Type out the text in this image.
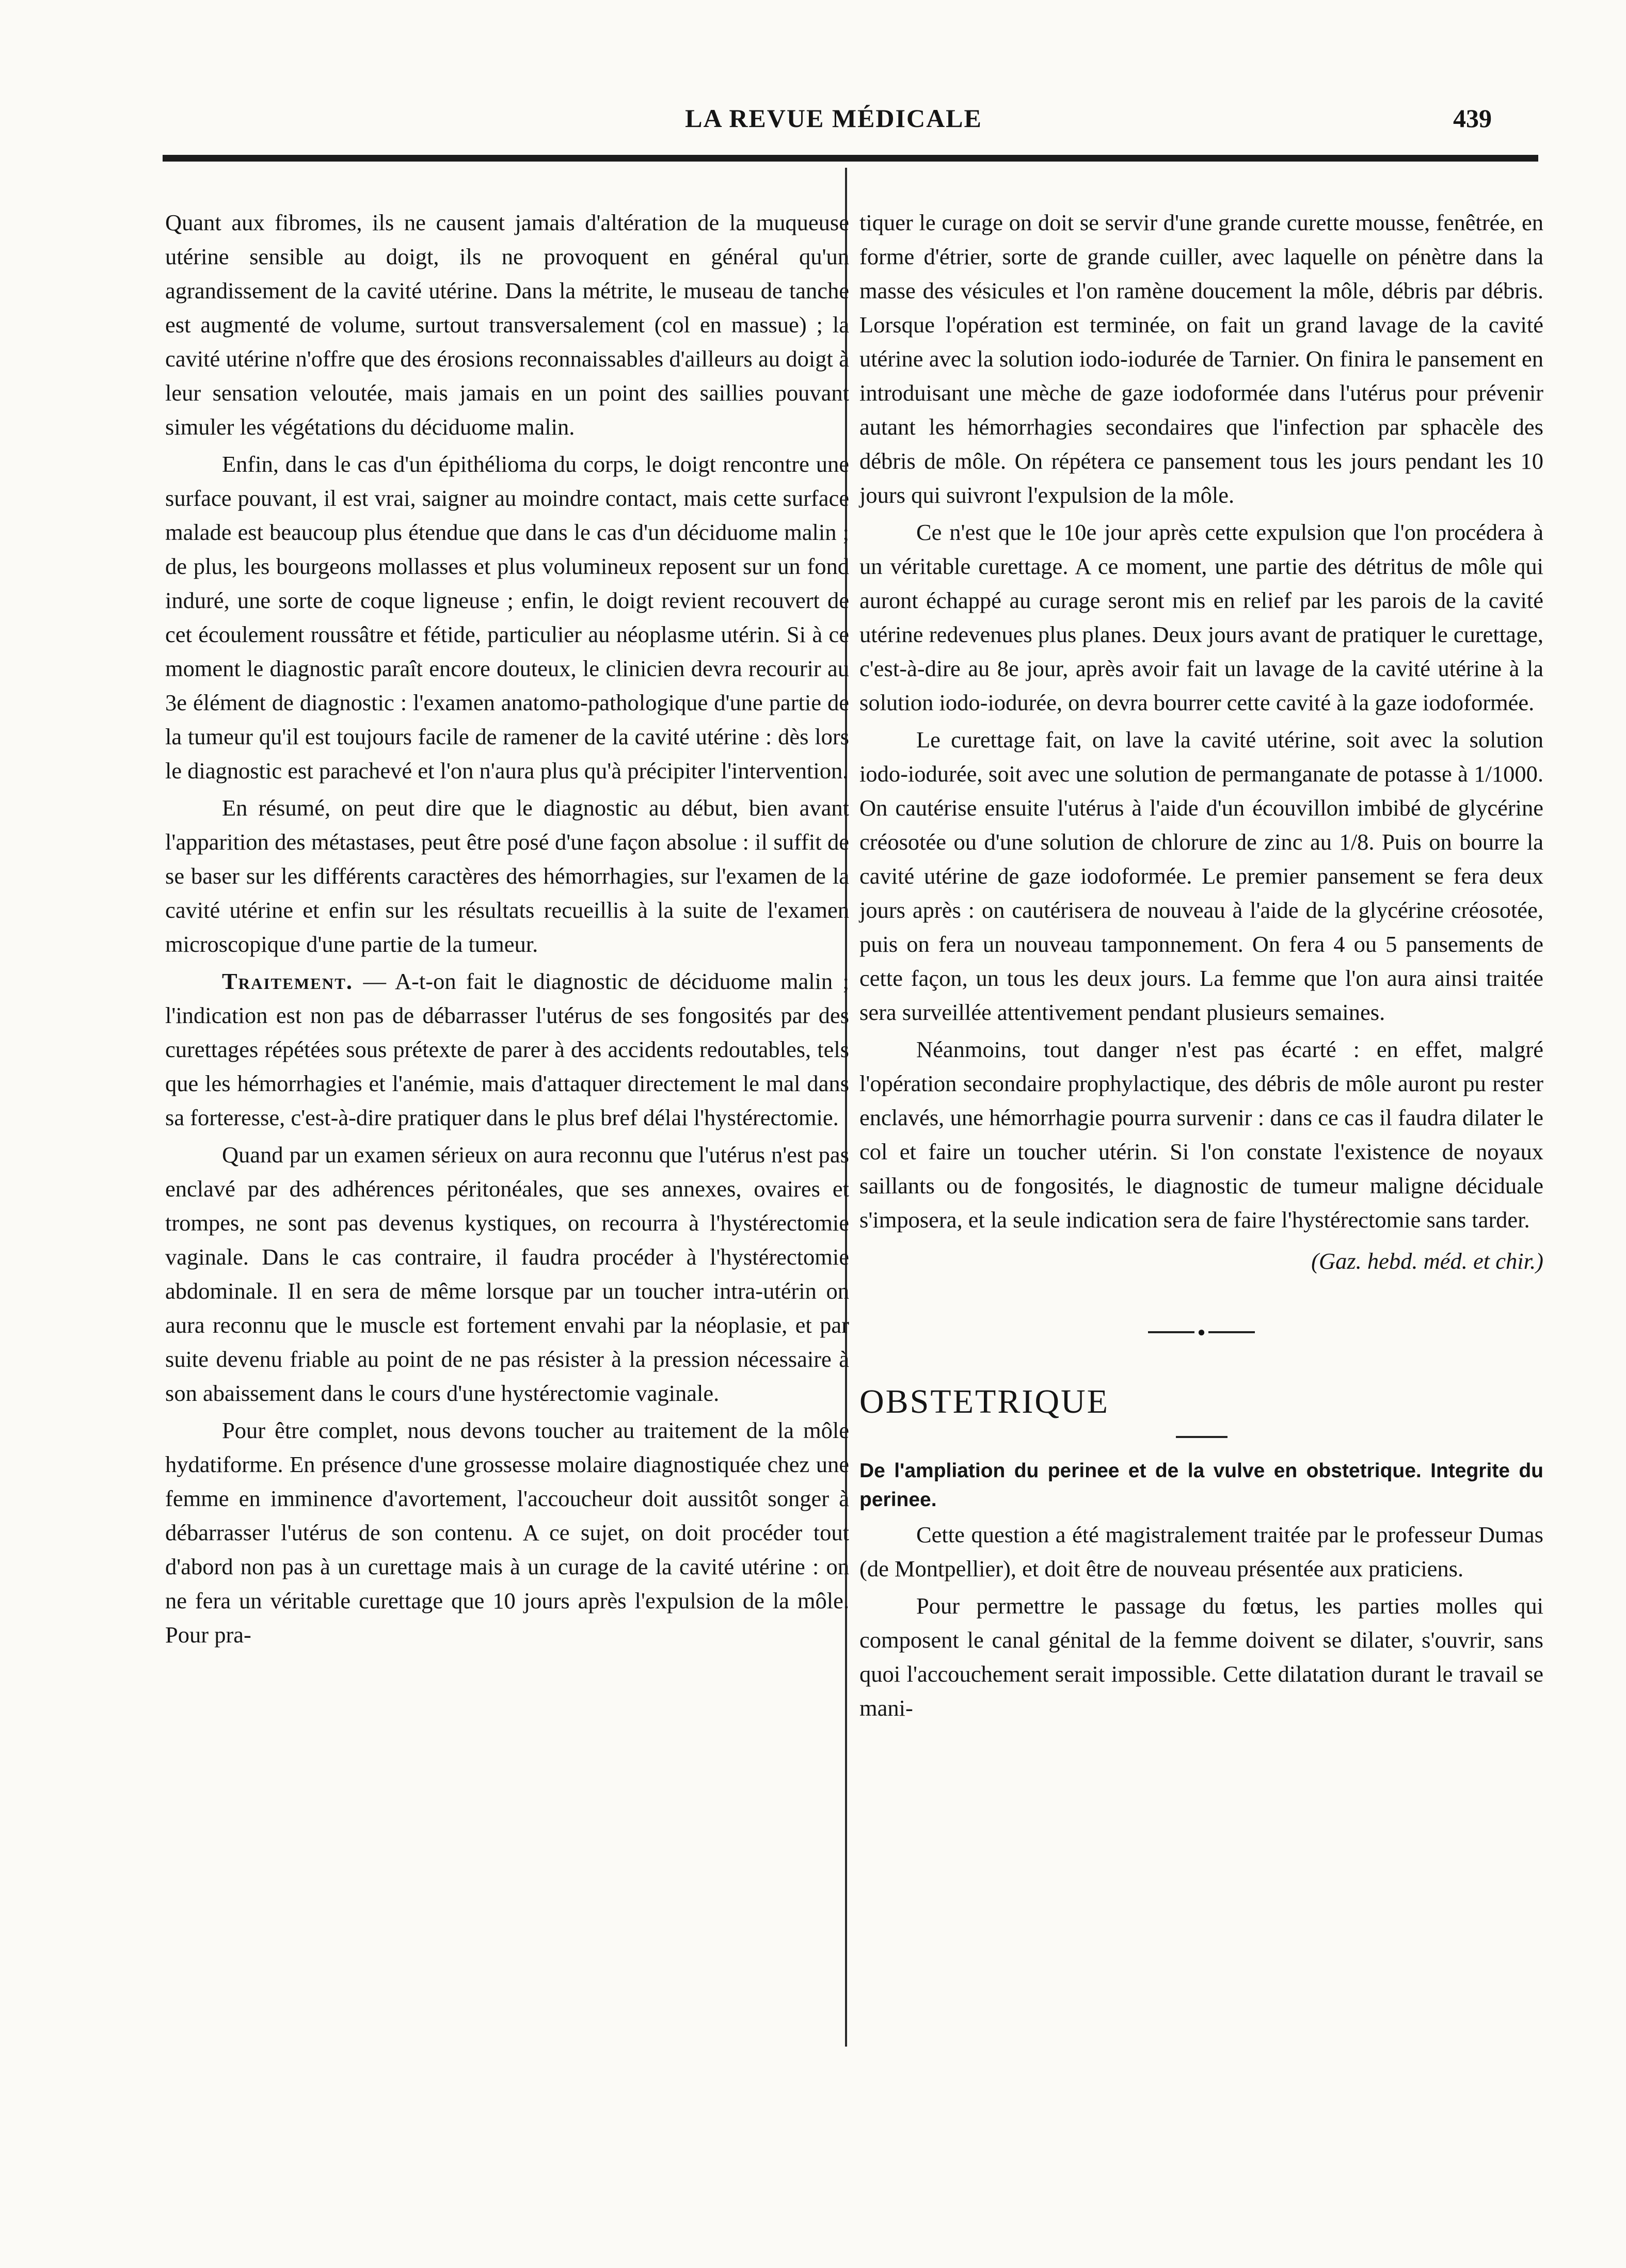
LA REVUE MÉDICALE	439

Quant aux fibromes, ils ne causent jamais d'altération de la muqueuse utérine sensible au doigt, ils ne provoquent en général qu'un agrandissement de la cavité utérine. Dans la métrite, le museau de tanche est augmenté de volume, surtout transversalement (col en massue) ; la cavité utérine n'offre que des érosions reconnaissables d'ailleurs au doigt à leur sensation veloutée, mais jamais en un point des saillies pouvant simuler les végétations du déciduome malin.

Enfin, dans le cas d'un épithélioma du corps, le doigt rencontre une surface pouvant, il est vrai, saigner au moindre contact, mais cette surface malade est beaucoup plus étendue que dans le cas d'un déciduome malin ; de plus, les bourgeons mollasses et plus volumineux reposent sur un fond induré, une sorte de coque ligneuse ; enfin, le doigt revient recouvert de cet écoulement roussâtre et fétide, particulier au néoplasme utérin. Si à ce moment le diagnostic paraît encore douteux, le clinicien devra recourir au 3e élément de diagnostic : l'examen anatomo-pathologique d'une partie de la tumeur qu'il est toujours facile de ramener de la cavité utérine : dès lors le diagnostic est parachevé et l'on n'aura plus qu'à précipiter l'intervention.

En résumé, on peut dire que le diagnostic au début, bien avant l'apparition des métastases, peut être posé d'une façon absolue : il suffit de se baser sur les différents caractères des hémorrhagies, sur l'examen de la cavité utérine et enfin sur les résultats recueillis à la suite de l'examen microscopique d'une partie de la tumeur.

Traitement. — A-t-on fait le diagnostic de déciduome malin ; l'indication est non pas de débarrasser l'utérus de ses fongosités par des curettages répétées sous prétexte de parer à des accidents redoutables, tels que les hémorrhagies et l'anémie, mais d'attaquer directement le mal dans sa forteresse, c'est-à-dire pratiquer dans le plus bref délai l'hystérectomie.

Quand par un examen sérieux on aura reconnu que l'utérus n'est pas enclavé par des adhérences péritonéales, que ses annexes, ovaires et trompes, ne sont pas devenus kystiques, on recourra à l'hystérectomie vaginale. Dans le cas contraire, il faudra procéder à l'hystérectomie abdominale. Il en sera de même lorsque par un toucher intra-utérin on aura reconnu que le muscle est fortement envahi par la néoplasie, et par suite devenu friable au point de ne pas résister à la pression nécessaire à son abaissement dans le cours d'une hystérectomie vaginale.

Pour être complet, nous devons toucher au traitement de la môle hydatiforme. En présence d'une grossesse molaire diagnostiquée chez une femme en imminence d'avortement, l'accoucheur doit aussitôt songer à débarrasser l'utérus de son contenu. A ce sujet, on doit procéder tout d'abord non pas à un curettage mais à un curage de la cavité utérine : on ne fera un véritable curettage que 10 jours après l'expulsion de la môle. Pour pra-

tiquer le curage on doit se servir d'une grande curette mousse, fenêtrée, en forme d'étrier, sorte de grande cuiller, avec laquelle on pénètre dans la masse des vésicules et l'on ramène doucement la môle, débris par débris. Lorsque l'opération est terminée, on fait un grand lavage de la cavité utérine avec la solution iodo-iodurée de Tarnier. On finira le pansement en introduisant une mèche de gaze iodoformée dans l'utérus pour prévenir autant les hémorrhagies secondaires que l'infection par sphacèle des débris de môle. On répétera ce pansement tous les jours pendant les 10 jours qui suivront l'expulsion de la môle.

Ce n'est que le 10e jour après cette expulsion que l'on procédera à un véritable curettage. A ce moment, une partie des détritus de môle qui auront échappé au curage seront mis en relief par les parois de la cavité utérine redevenues plus planes. Deux jours avant de pratiquer le curettage, c'est-à-dire au 8e jour, après avoir fait un lavage de la cavité utérine à la solution iodo-iodurée, on devra bourrer cette cavité à la gaze iodoformée.

Le curettage fait, on lave la cavité utérine, soit avec la solution iodo-iodurée, soit avec une solution de permanganate de potasse à 1/1000. On cautérise ensuite l'utérus à l'aide d'un écouvillon imbibé de glycérine créosotée ou d'une solution de chlorure de zinc au 1/8. Puis on bourre la cavité utérine de gaze iodoformée. Le premier pansement se fera deux jours après : on cautérisera de nouveau à l'aide de la glycérine créosotée, puis on fera un nouveau tamponnement. On fera 4 ou 5 pansements de cette façon, un tous les deux jours. La femme que l'on aura ainsi traitée sera surveillée attentivement pendant plusieurs semaines.

Néanmoins, tout danger n'est pas écarté : en effet, malgré l'opération secondaire prophylactique, des débris de môle auront pu rester enclavés, une hémorrhagie pourra survenir : dans ce cas il faudra dilater le col et faire un toucher utérin. Si l'on constate l'existence de noyaux saillants ou de fongosités, le diagnostic de tumeur maligne déciduale s'imposera, et la seule indication sera de faire l'hystérectomie sans tarder.

(Gaz. hebd. méd. et chir.)

●

OBSTETRIQUE

De l'ampliation du perinee et de la vulve en obstetrique. Integrite du perinee.

Cette question a été magistralement traitée par le professeur Dumas (de Montpellier), et doit être de nouveau présentée aux praticiens.

Pour permettre le passage du fœtus, les parties molles qui composent le canal génital de la femme doivent se dilater, s'ouvrir, sans quoi l'accouchement serait impossible. Cette dilatation durant le travail se mani-
